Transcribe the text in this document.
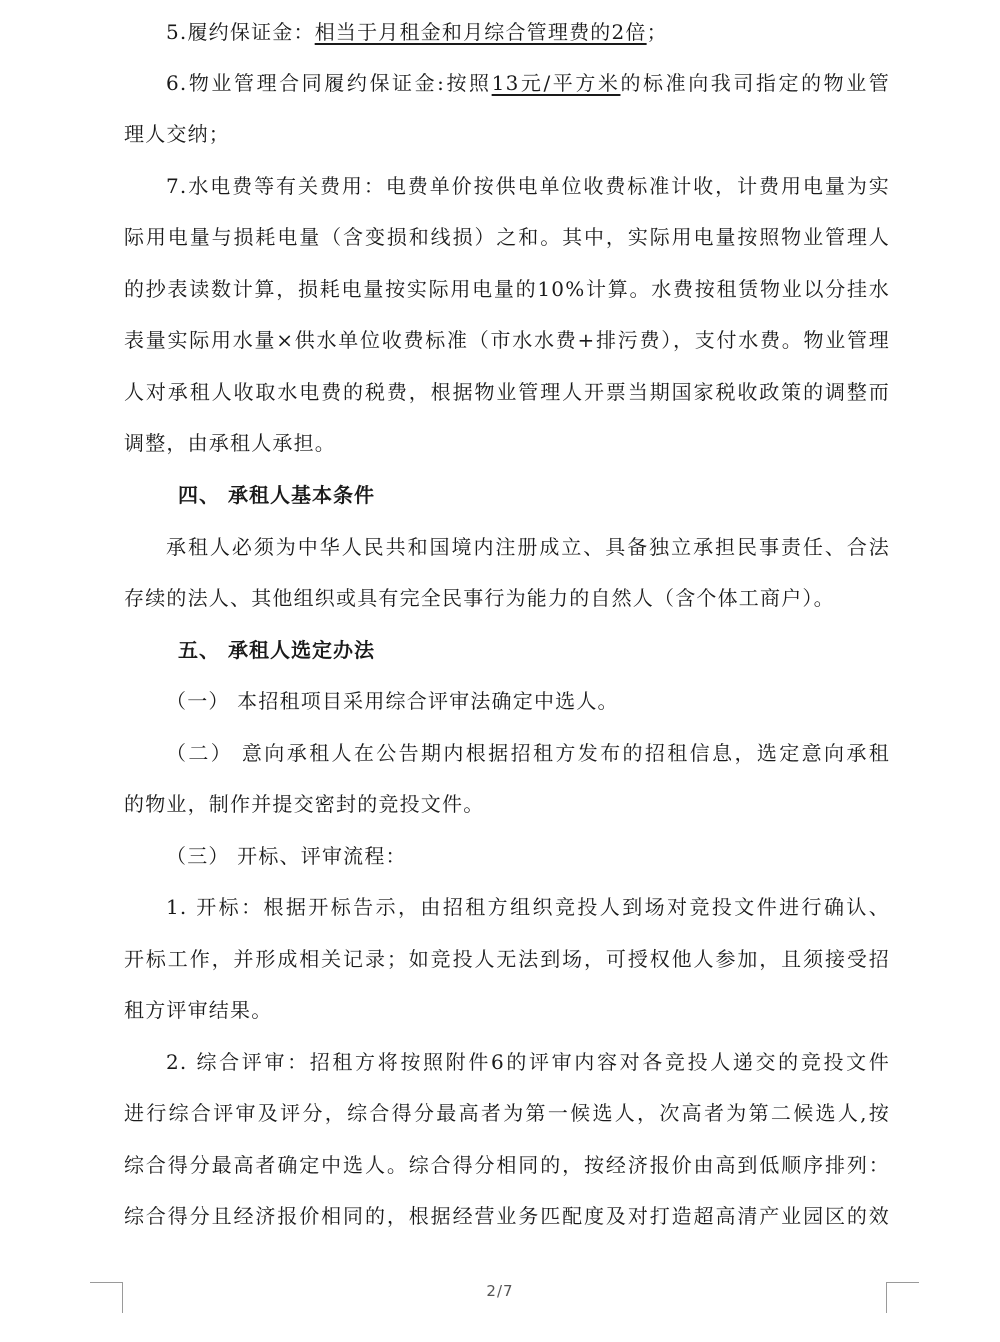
5.履约保证金：相当于月租金和月综合管理费的2倍；
6.物业管理合同履约保证金:按照13元/平方米的标准向我司指定的物业管
理人交纳；
7.水电费等有关费用：电费单价按供电单位收费标准计收，计费用电量为实
际用电量与损耗电量（含变损和线损）之和。其中，实际用电量按照物业管理人
的抄表读数计算，损耗电量按实际用电量的10%计算。水费按租赁物业以分挂水
表量实际用水量×供水单位收费标准（市水水费+排污费），支付水费。物业管理
人对承租人收取水电费的税费，根据物业管理人开票当期国家税收政策的调整而
调整，由承租人承担。
四、 承租人基本条件
承租人必须为中华人民共和国境内注册成立、具备独立承担民事责任、合法
存续的法人、其他组织或具有完全民事行为能力的自然人（含个体工商户）。
五、 承租人选定办法
（一） 本招租项目采用综合评审法确定中选人。
（二） 意向承租人在公告期内根据招租方发布的招租信息，选定意向承租
的物业，制作并提交密封的竞投文件。
（三） 开标、评审流程：
1. 开标：根据开标告示，由招租方组织竞投人到场对竞投文件进行确认、
开标工作，并形成相关记录；如竞投人无法到场，可授权他人参加，且须接受招
租方评审结果。
2. 综合评审：招租方将按照附件6的评审内容对各竞投人递交的竞投文件
进行综合评审及评分，综合得分最高者为第一候选人，次高者为第二候选人,按
综合得分最高者确定中选人。综合得分相同的，按经济报价由高到低顺序排列：
综合得分且经济报价相同的，根据经营业务匹配度及对打造超高清产业园区的效
2/7
